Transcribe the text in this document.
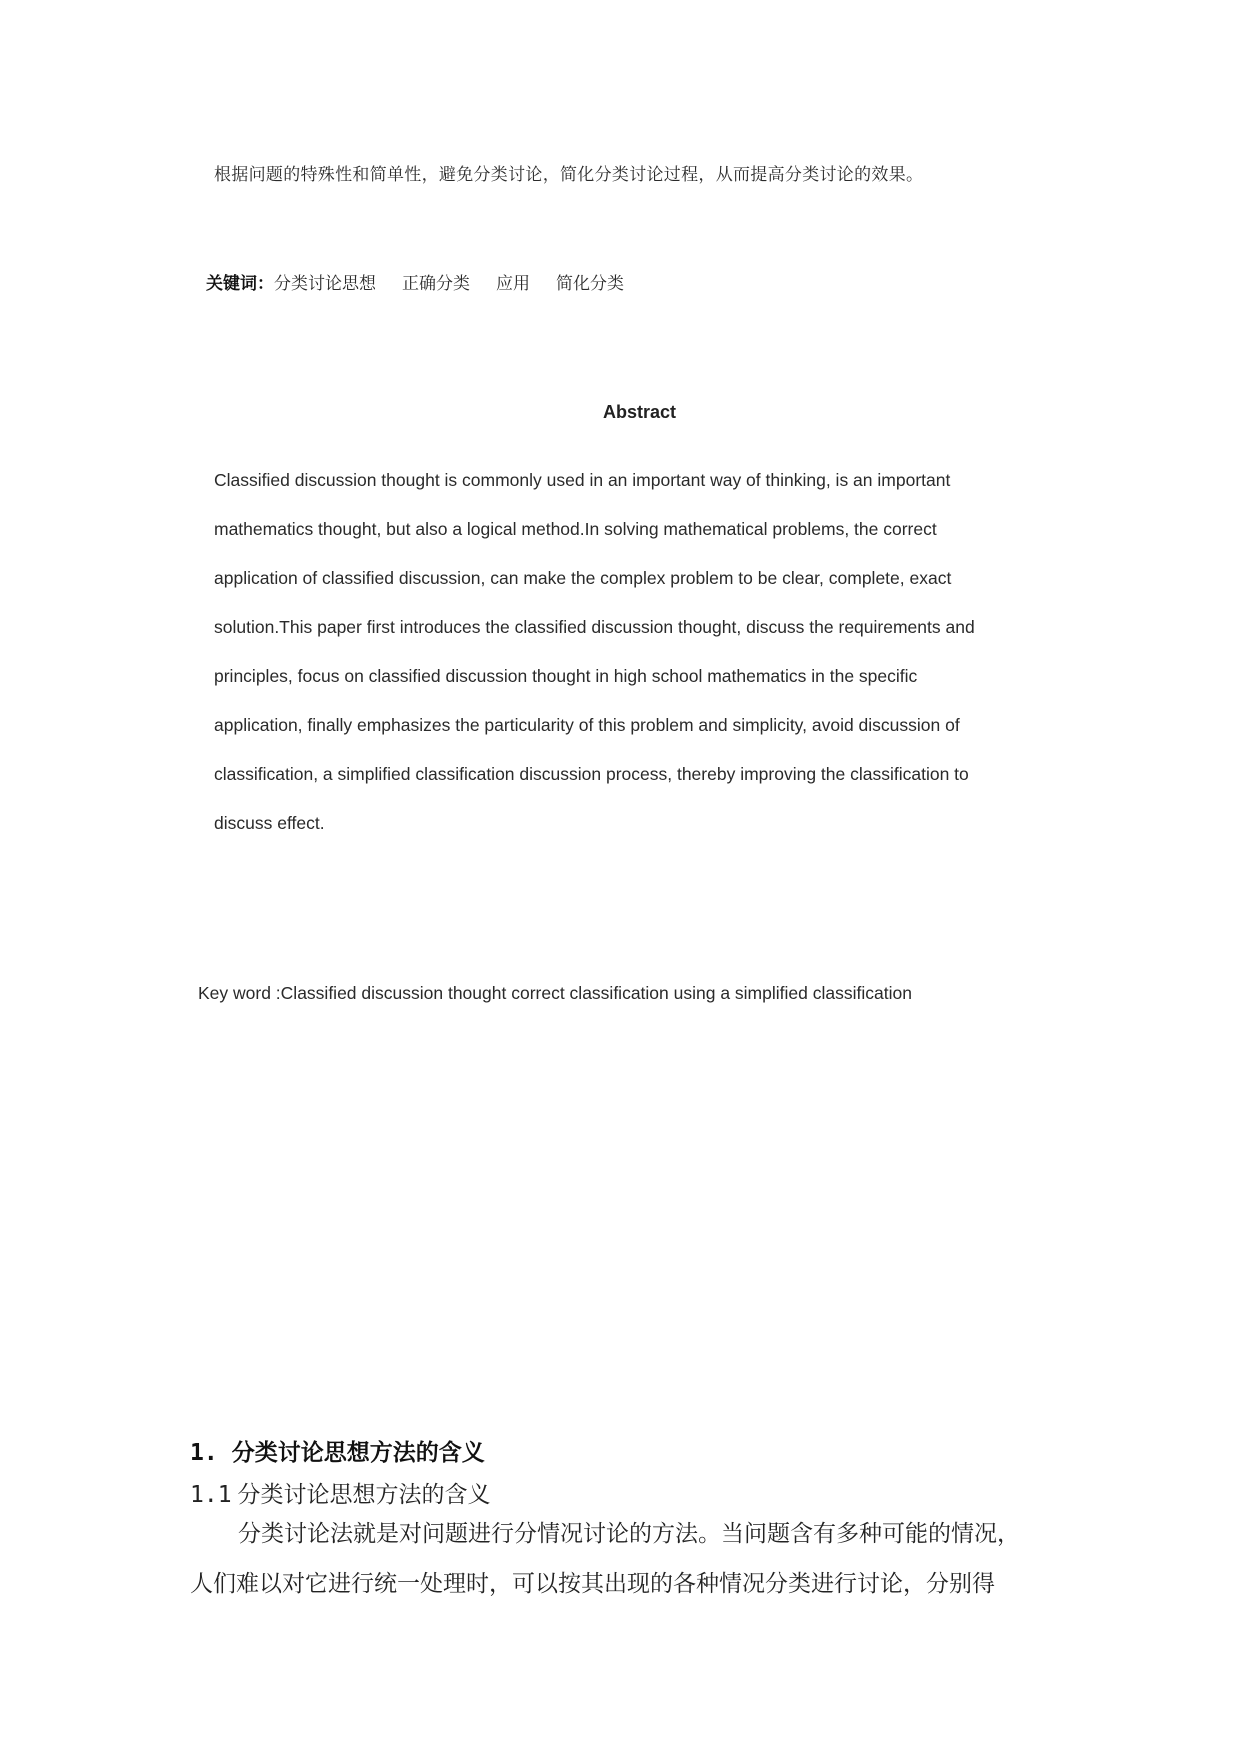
根据问题的特殊性和简单性，避免分类讨论，简化分类讨论过程，从而提高分类讨论的效果。
关键词：分类讨论思想 正确分类 应用 简化分类
Abstract
Classified discussion thought is commonly used in an important way of thinking, is an important
mathematics thought, but also a logical method.In solving mathematical problems, the correct
application of classified discussion, can make the complex problem to be clear, complete, exact
solution.This paper first introduces the classified discussion thought, discuss the requirements and
principles, focus on classified discussion thought in high school mathematics in the specific
application, finally emphasizes the particularity of this problem and simplicity, avoid discussion of
classification, a simplified classification discussion process, thereby improving the classification to
discuss effect.
Key word :Classified discussion thought correct classification using a simplified classification
1. 分类讨论思想方法的含义
1.1 分类讨论思想方法的含义
分类讨论法就是对问题进行分情况讨论的方法。当问题含有多种可能的情况，
人们难以对它进行统一处理时，可以按其出现的各种情况分类进行讨论，分别得
